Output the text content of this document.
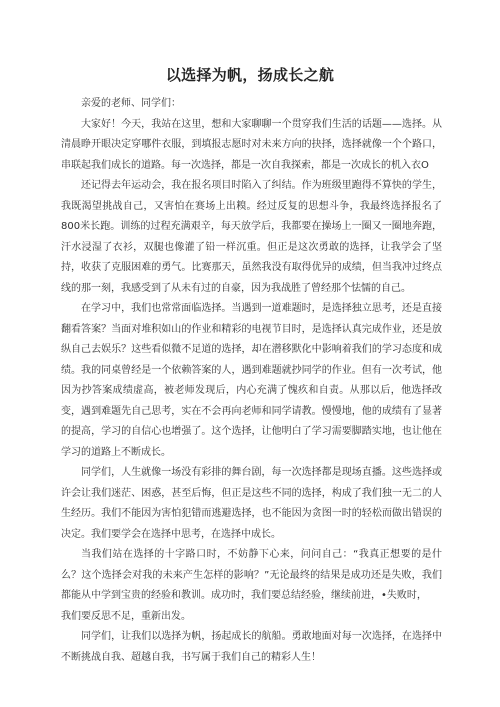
以选择为帆，扬成长之航

亲爱的老师、同学们：

大家好！今天，我站在这里，想和大家聊聊一个贯穿我们生活的话题——选择。从清晨睁开眼决定穿哪件衣服，到填报志愿时对未来方向的抉择，选择就像一个个路口，串联起我们成长的道路。每一次选择，都是一次自我探索，都是一次成长的机入衣O

还记得去年运动会，我在报名项目时陷入了纠结。作为班级里跑得不算快的学生，我既渴望挑战自己，又害怕在赛场上出糗。经过反复的思想斗争，我最终选择报名了800米长跑。训练的过程充满艰辛，每天放学后，我都要在操场上一圈又一圈地奔跑，汗水浸湿了衣衫，双腿也像灌了铅一样沉重。但正是这次勇敢的选择，让我学会了坚持，收获了克服困难的勇气。比赛那天，虽然我没有取得优异的成绩，但当我冲过终点线的那一刻，我感受到了从未有过的自豪，因为我战胜了曾经那个怯懦的自己。

在学习中，我们也常常面临选择。当遇到一道难题时，是选择独立思考，还是直接翻看答案？当面对堆积如山的作业和精彩的电视节目时，是选择认真完成作业，还是放纵自己去娱乐？这些看似微不足道的选择，却在潜移默化中影响着我们的学习态度和成绩。我的同桌曾经是一个依赖答案的人，遇到难题就抄同学的作业。但有一次考试，他因为抄答案成绩虚高，被老师发现后，内心充满了愧疚和自责。从那以后，他选择改变，遇到难题先自己思考，实在不会再向老师和同学请教。慢慢地，他的成绩有了显著的提高，学习的自信心也增强了。这个选择，让他明白了学习需要脚踏实地，也让他在学习的道路上不断成长。

同学们，人生就像一场没有彩排的舞台剧，每一次选择都是现场直播。这些选择或许会让我们迷茫、困惑，甚至后悔，但正是这些不同的选择，构成了我们独一无二的人生经历。我们不能因为害怕犯错而逃避选择，也不能因为贪图一时的轻松而做出错误的决定。我们要学会在选择中思考，在选择中成长。

当我们站在选择的十字路口时，不妨静下心来，问问自己：“我真正想要的是什么？这个选择会对我的未来产生怎样的影响？”无论最终的结果是成功还是失败，我们都能从中学到宝贵的经验和教训。成功时，我们要总结经验，继续前进，•失败时，

我们要反思不足，重新出发。

同学们，让我们以选择为帆，扬起成长的航船。勇敢地面对每一次选择，在选择中不断挑战自我、超越自我，书写属于我们自己的精彩人生！
